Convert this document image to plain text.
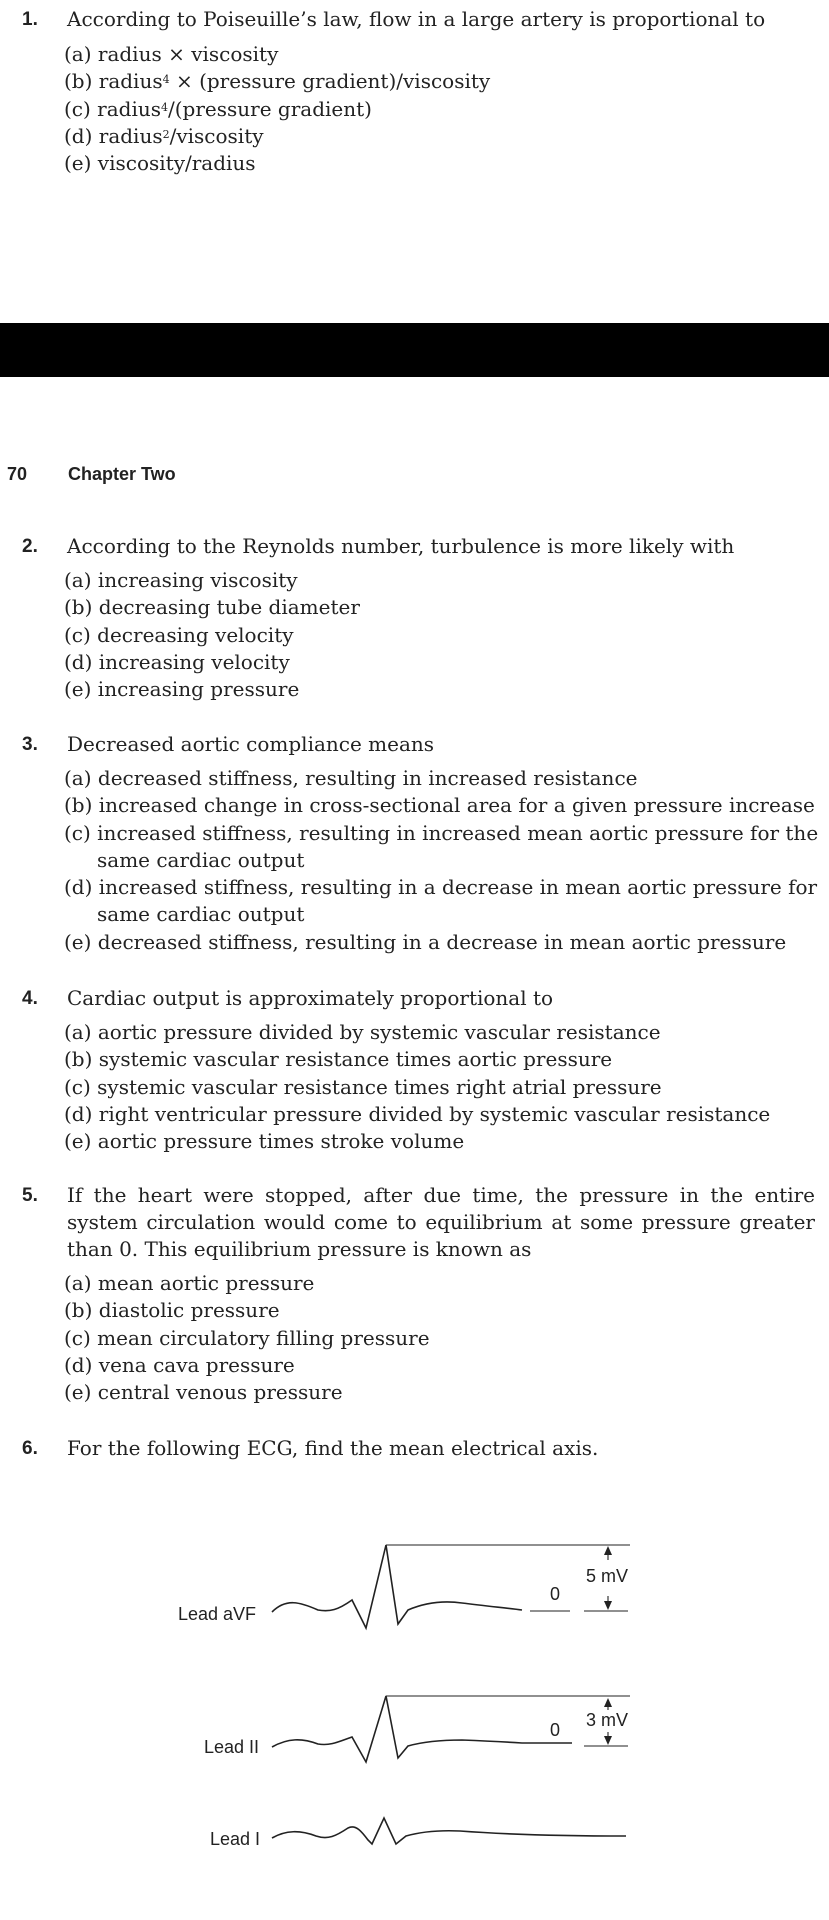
1. According to Poiseuille’s law, flow in a large artery is proportional to
(a) radius × viscosity
(b) radius$^4$ × (pressure gradient)/viscosity
(c) radius$^4$/(pressure gradient)
(d) radius$^2$/viscosity
(e) viscosity/radius
70 Chapter Two
2. According to the Reynolds number, turbulence is more likely with
(a) increasing viscosity
(b) decreasing tube diameter
(c) decreasing velocity
(d) increasing velocity
(e) increasing pressure
3. Decreased aortic compliance means
(a) decreased stiffness, resulting in increased resistance
(b) increased change in cross-sectional area for a given pressure increase
(c) increased stiffness, resulting in increased mean aortic pressure for the
same cardiac output
(d) increased stiffness, resulting in a decrease in mean aortic pressure for
same cardiac output
(e) decreased stiffness, resulting in a decrease in mean aortic pressure
4. Cardiac output is approximately proportional to
(a) aortic pressure divided by systemic vascular resistance
(b) systemic vascular resistance times aortic pressure
(c) systemic vascular resistance times right atrial pressure
(d) right ventricular pressure divided by systemic vascular resistance
(e) aortic pressure times stroke volume
5. If the heart were stopped, after due time, the pressure in the entire system circulation would come to equilibrium at some pressure greater than 0. This equilibrium pressure is known as
(a) mean aortic pressure
(b) diastolic pressure
(c) mean circulatory filling pressure
(d) vena cava pressure
(e) central venous pressure
6. For the following ECG, find the mean electrical axis.
Lead aVF
0
5 mV
Lead II
0 3 mV
Lead I
